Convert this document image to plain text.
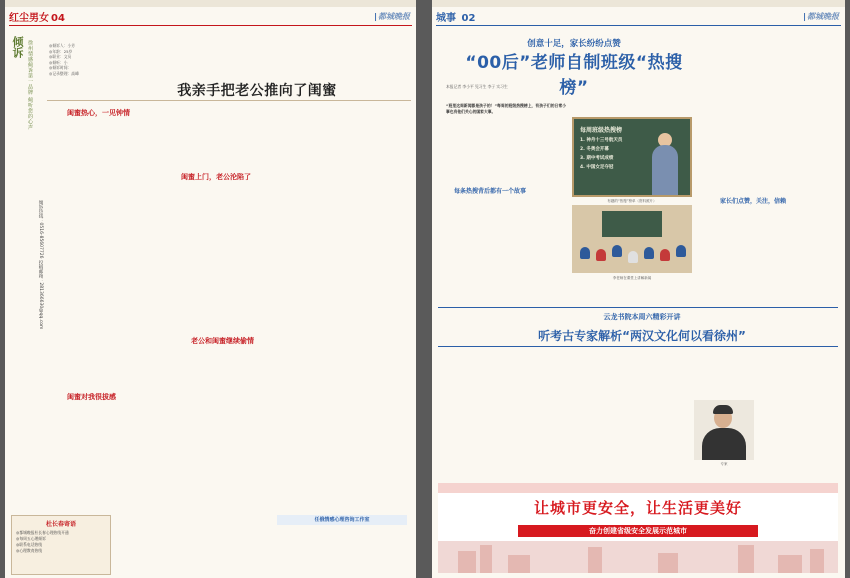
红尘男女 04	|都城晚报
倾诉 徐州情感倾诉第一品牌 倾听您的心声
倾诉热线：0516-85607726 投稿邮箱：281366630@qq.com
◎倾诉人：小芳
◎年龄：25岁
◎职业：文员
◎倾听：小
◎倾诉时间：
◎记录整理：高峰
我亲手把老公推向了闺蜜
闺蜜热心，一见钟情
闺蜜对我很拔感
闺蜜上门，老公沦陷了
老公和闺蜜继续偷情
杜长春寄语
◎都城晚报杜长春心理热线开通
◎每周五心理倾诉
◎联系电话热线
◎心理教育热线
任俄情感心理咨询工作室
城事 02	|都城晚报
创意十足，家长纷纷点赞
“00后”老师自制班级“热搜榜”
本报记者 李小平 见习生 李子 实习生
“班里这周新闻都是孩子的！”每周的班级热搜榜上，有孩子们的日常小事也有他们关心的国家大事。
每条热搜背后都有一个故事
每周班级热搜榜
1. 神舟十三号航天员
2. 冬奥会开幕
3. 期中考试成绩
4. 中国女足夺冠
有趣的“热搜”榜单（资料照片）
李老师在课堂上讲解新闻
家长们点赞，关注，信赖
云龙书院本周六精彩开讲
听考古专家解析“两汉文化何以看徐州”
专家
让城市更安全，让生活更美好
奋力创建省级安全发展示范城市
